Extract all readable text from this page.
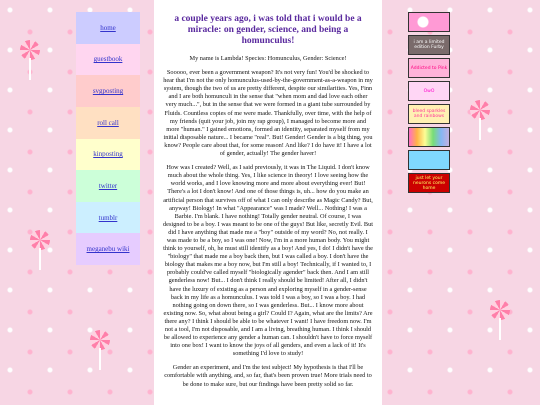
home
guestbook
svgposting
roll call
kinposting
twitter
tumblr
meganebu wiki
a couple years ago, i was told that i would be a miracle: on gender, science, and being a homunculus!

My name is Lambda! Species: Homunculus, Gender: Science!

Sooooo, ever been a government weapon? It's not very fun! You'd be shocked to hear that I'm not the only homunculus-used-by-the-government-as-a-weapon in my system, though the two of us are pretty different, despite our similarities. Yes, Finn and I are both homunculi in the sense that "when mom and dad love each other very much...", but in the sense that we were formed in a giant tube surrounded by Fluids. Countless copies of me were made. Thankfully, over time, with the help of my friends (quit your job, join my rap group), I managed to become more and more "human." I gained emotions, formed an identity, separated myself from my initial disposable nature... I became "real". But! Gender! Gender is a big thing, you know? People care about that, for some reason! And like? I do have it! I have a lot of gender, actually! The gender haver!

How was I created? Well, as I said previously, it was in The Liquid. I don't know much about the whole thing. Yes, I like science in theory! I love seeing how the world works, and I love knowing more and more about everything ever! But! There's a lot I don't know! And one of those things is, uh... how do you make an artificial person that survives off of what I can only describe as Magic Candy? But, anyway! Biology! In what "Appearance" was I made? Well... Nothing! I was a Barbie. I'm blank. I have nothing! Totally gender neutral. Of course, I was designed to be a boy. I was meant to be one of the guys! But like, secretly Evil. But did I have anything that made me a "boy" outside of my word? No, not really. I was made to be a boy, so I was one! Now, I'm in a more human body. You might think to yourself, oh, he must still identify as a boy! And yes, I do! I didn't have the "biology" that made me a boy back then, but I was called a boy. I don't have the biology that makes me a boy now, but I'm still a boy! Technically, if I wanted to, I probably could've called myself "biologically agender" back then. And I am still genderless now! But... I don't think I really should be limited! After all, I didn't have the luxury of existing as a person and exploring myself in a gender-sense back in my life as a homunculus. I was told I was a boy, so I was a boy. I had nothing going on down there, so I was genderless. But... I know more about existing now. So, what about being a girl? Could I? Again, what are the limits? Are there any? I think I should be able to be whatever I want! I have freedom now. I'm not a tool, I'm not disposable, and I am a living, breathing human. I think I should be allowed to experience any gender a human can. I shouldn't have to force myself into one box! I want to know the joys of all genders, and even a lack of it! It's something I'd love to study!

Gender an experiment, and I'm the test subject! My hypothesis is that I'll be comfortable with anything, and, so far, that's been proven true! More trials need to be done to make sure, but our findings have been pretty solid so far.

i am a limited edition Furby
Addicted to Pink
OwO
bleed sparkles and rainbows
just let your neurons come home
